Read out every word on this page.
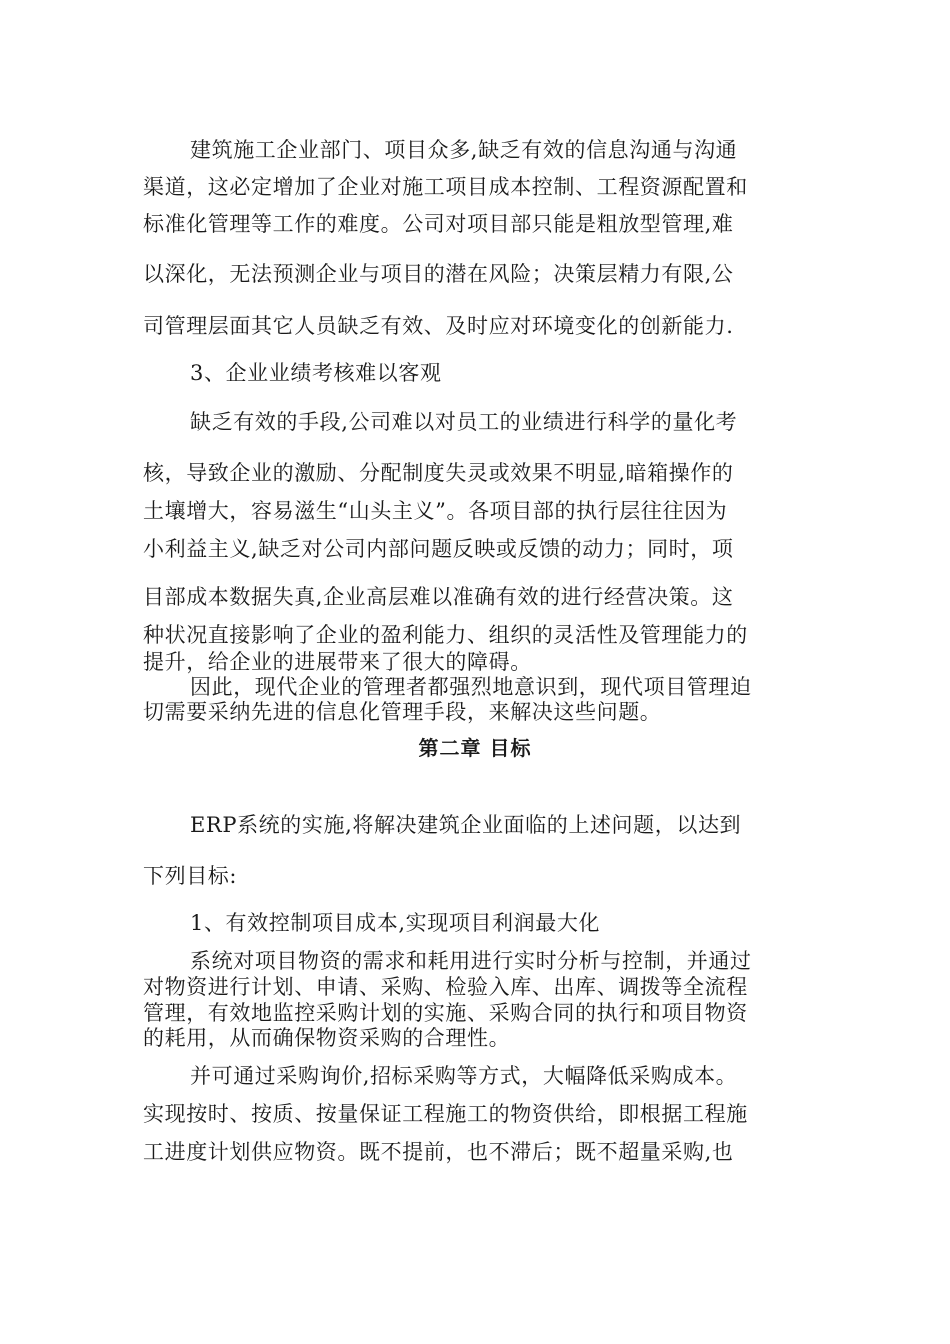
建筑施工企业部门、项目众多,缺乏有效的信息沟通与沟通
渠道，这必定增加了企业对施工项目成本控制、工程资源配置和
标准化管理等工作的难度。公司对项目部只能是粗放型管理,难
以深化，无法预测企业与项目的潜在风险；决策层精力有限,公
司管理层面其它人员缺乏有效、及时应对环境变化的创新能力.
3、企业业绩考核难以客观
缺乏有效的手段,公司难以对员工的业绩进行科学的量化考
核，导致企业的激励、分配制度失灵或效果不明显,暗箱操作的
土壤增大，容易滋生“山头主义”。各项目部的执行层往往因为
小利益主义,缺乏对公司内部问题反映或反馈的动力；同时，项
目部成本数据失真,企业高层难以准确有效的进行经营决策。这
种状况直接影响了企业的盈利能力、组织的灵活性及管理能力的
提升，给企业的进展带来了很大的障碍。
因此，现代企业的管理者都强烈地意识到，现代项目管理迫
切需要采纳先进的信息化管理手段，来解决这些问题。
第二章 目标
ERP系统的实施,将解决建筑企业面临的上述问题，以达到
下列目标:
1、有效控制项目成本,实现项目利润最大化
系统对项目物资的需求和耗用进行实时分析与控制，并通过
对物资进行计划、申请、采购、检验入库、出库、调拨等全流程
管理，有效地监控采购计划的实施、采购合同的执行和项目物资
的耗用，从而确保物资采购的合理性。
并可通过采购询价,招标采购等方式，大幅降低采购成本。
实现按时、按质、按量保证工程施工的物资供给，即根据工程施
工进度计划供应物资。既不提前，也不滞后；既不超量采购,也
